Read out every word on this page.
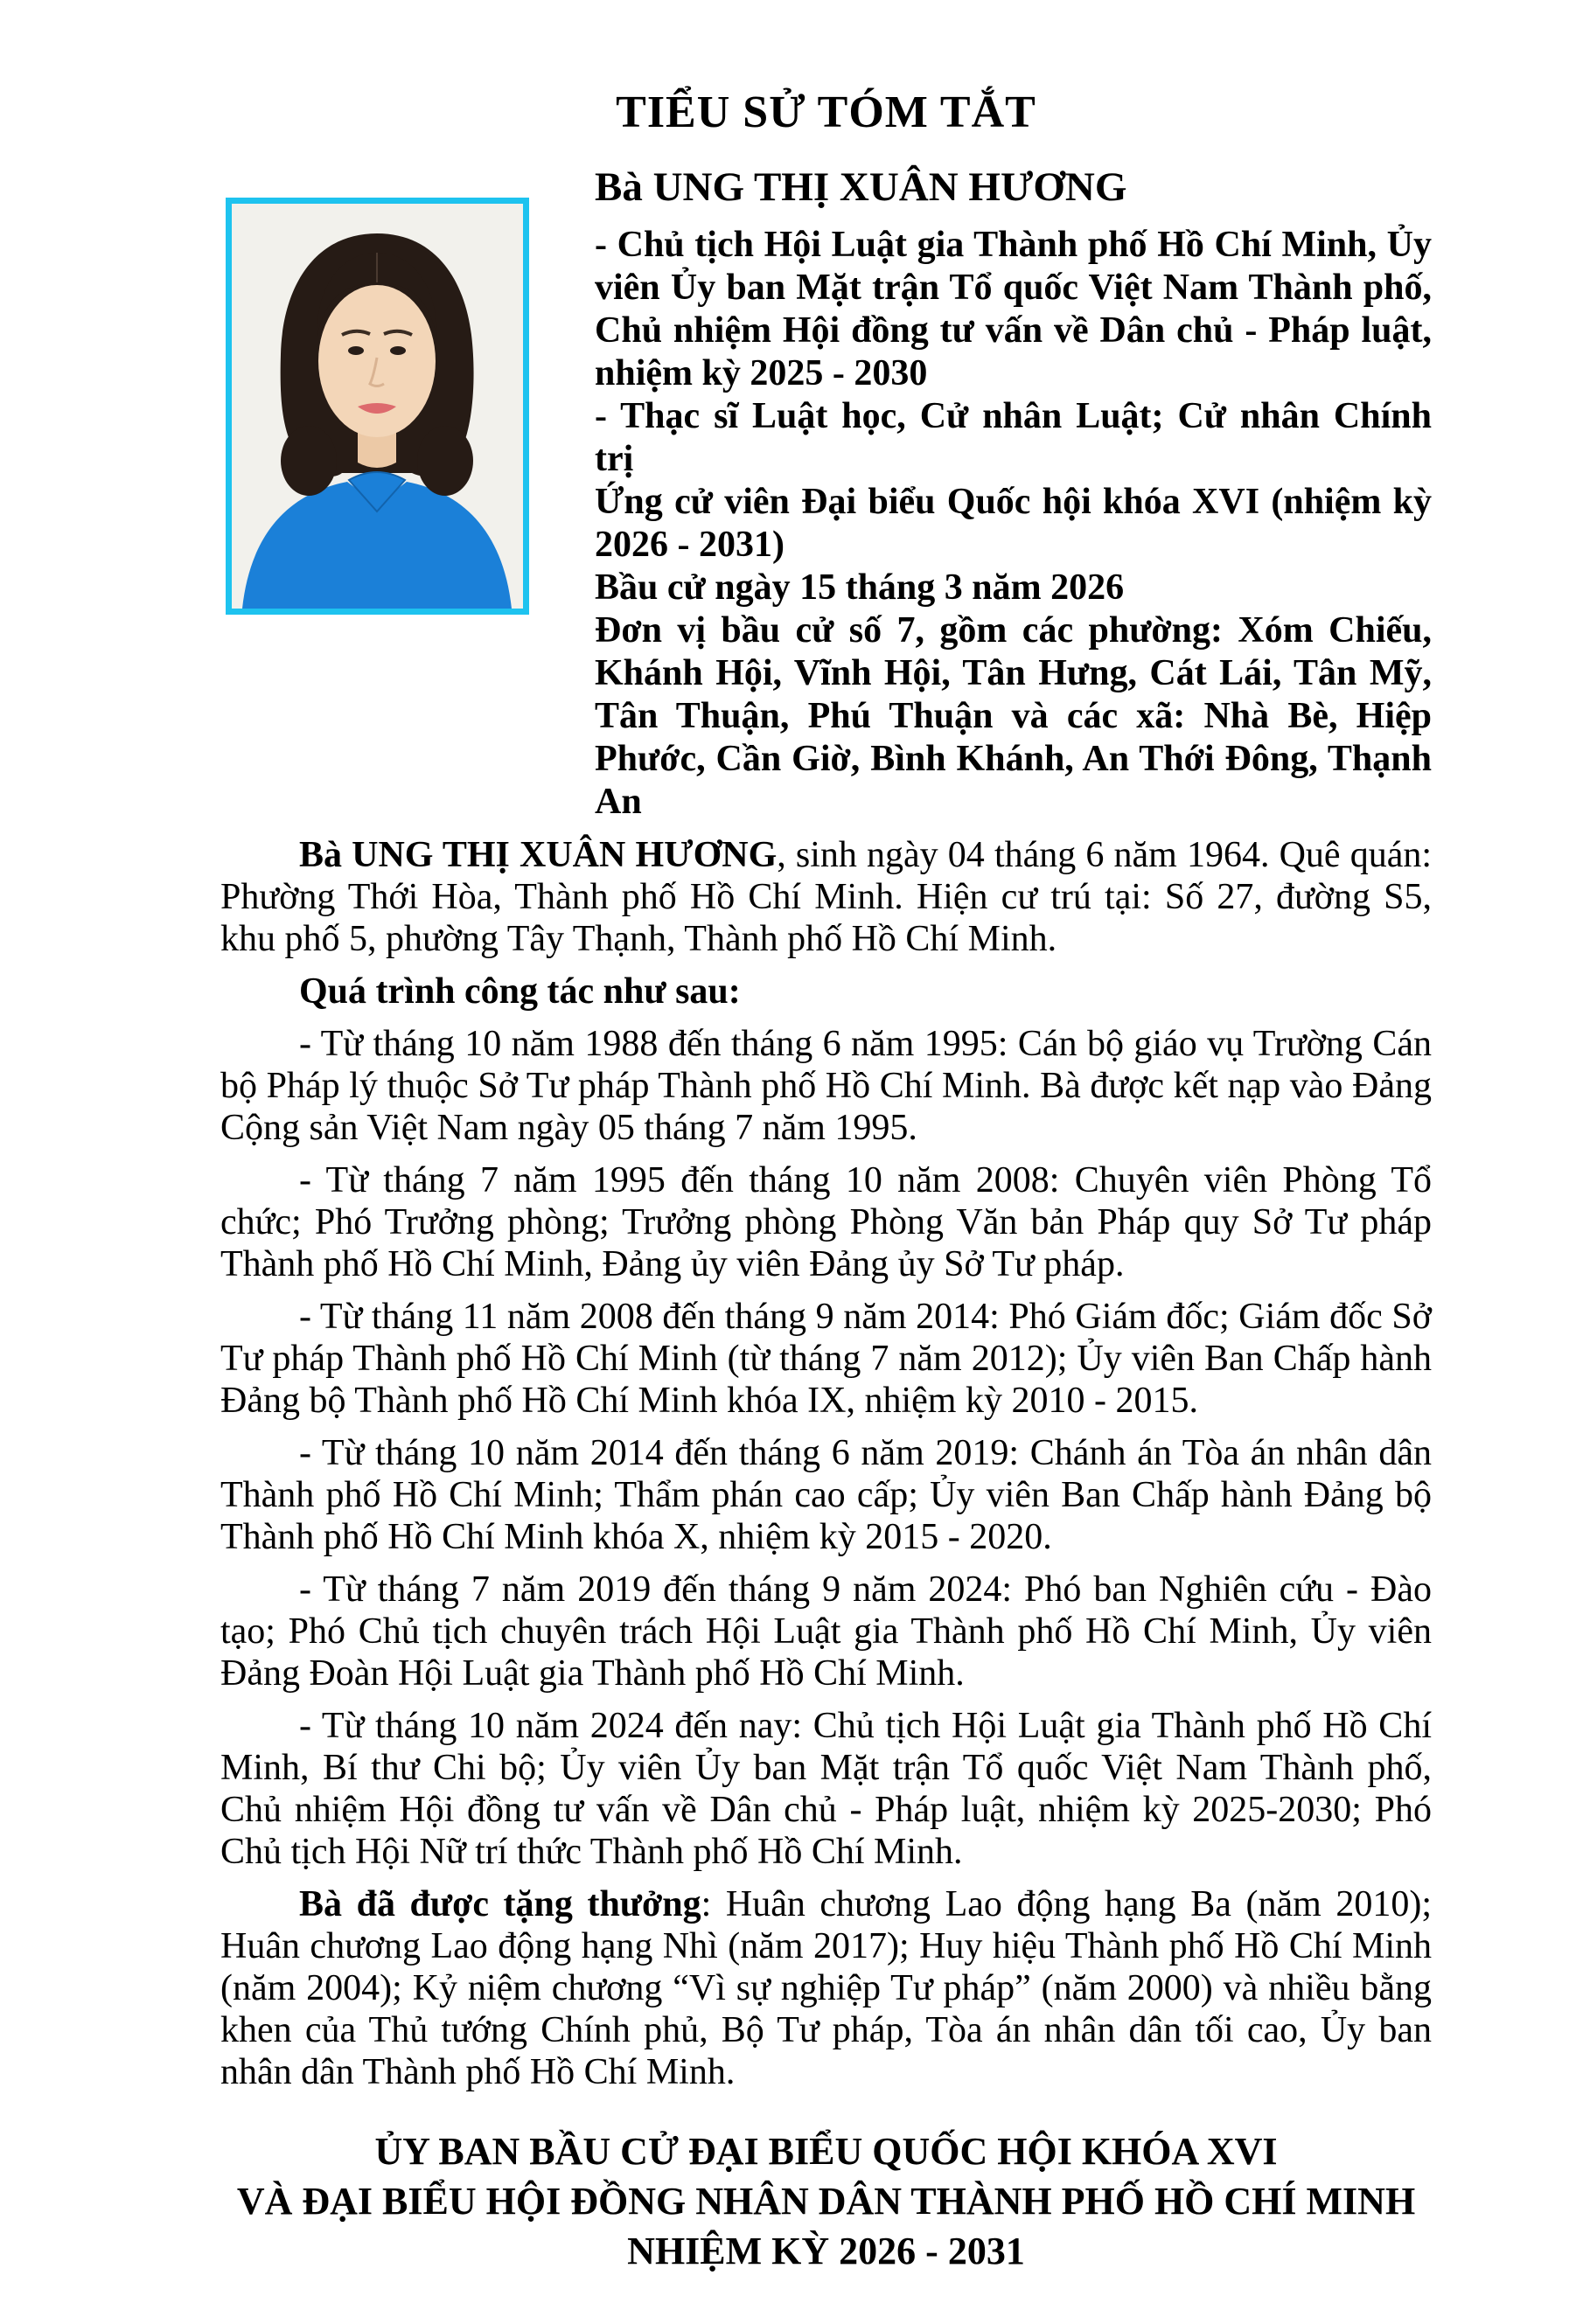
TIỂU SỬ TÓM TẮT
Bà UNG THỊ XUÂN HƯƠNG

- Chủ tịch Hội Luật gia Thành phố Hồ Chí Minh, Ủy viên Ủy ban Mặt trận Tổ quốc Việt Nam Thành phố, Chủ nhiệm Hội đồng tư vấn về Dân chủ - Pháp luật, nhiệm kỳ 2025 - 2030

- Thạc sĩ Luật học, Cử nhân Luật; Cử nhân Chính trị

Ứng cử viên Đại biểu Quốc hội khóa XVI (nhiệm kỳ 2026 - 2031)

Bầu cử ngày 15 tháng 3 năm 2026

Đơn vị bầu cử số 7, gồm các phường: Xóm Chiếu, Khánh Hội, Vĩnh Hội, Tân Hưng, Cát Lái, Tân Mỹ, Tân Thuận, Phú Thuận và các xã: Nhà Bè, Hiệp Phước, Cần Giờ, Bình Khánh, An Thới Đông, Thạnh An

Bà UNG THỊ XUÂN HƯƠNG, sinh ngày 04 tháng 6 năm 1964. Quê quán: Phường Thới Hòa, Thành phố Hồ Chí Minh. Hiện cư trú tại: Số 27, đường S5, khu phố 5, phường Tây Thạnh, Thành phố Hồ Chí Minh.

Quá trình công tác như sau:

- Từ tháng 10 năm 1988 đến tháng 6 năm 1995: Cán bộ giáo vụ Trường Cán bộ Pháp lý thuộc Sở Tư pháp Thành phố Hồ Chí Minh. Bà được kết nạp vào Đảng Cộng sản Việt Nam ngày 05 tháng 7 năm 1995.

- Từ tháng 7 năm 1995 đến tháng 10 năm 2008: Chuyên viên Phòng Tổ chức; Phó Trưởng phòng; Trưởng phòng Phòng Văn bản Pháp quy Sở Tư pháp Thành phố Hồ Chí Minh, Đảng ủy viên Đảng ủy Sở Tư pháp.

- Từ tháng 11 năm 2008 đến tháng 9 năm 2014: Phó Giám đốc; Giám đốc Sở Tư pháp Thành phố Hồ Chí Minh (từ tháng 7 năm 2012); Ủy viên Ban Chấp hành Đảng bộ Thành phố Hồ Chí Minh khóa IX, nhiệm kỳ 2010 - 2015.

- Từ tháng 10 năm 2014 đến tháng 6 năm 2019: Chánh án Tòa án nhân dân Thành phố Hồ Chí Minh; Thẩm phán cao cấp; Ủy viên Ban Chấp hành Đảng bộ Thành phố Hồ Chí Minh khóa X, nhiệm kỳ 2015 - 2020.

- Từ tháng 7 năm 2019 đến tháng 9 năm 2024: Phó ban Nghiên cứu - Đào tạo; Phó Chủ tịch chuyên trách Hội Luật gia Thành phố Hồ Chí Minh, Ủy viên Đảng Đoàn Hội Luật gia Thành phố Hồ Chí Minh.

- Từ tháng 10 năm 2024 đến nay: Chủ tịch Hội Luật gia Thành phố Hồ Chí Minh, Bí thư Chi bộ; Ủy viên Ủy ban Mặt trận Tổ quốc Việt Nam Thành phố, Chủ nhiệm Hội đồng tư vấn về Dân chủ - Pháp luật, nhiệm kỳ 2025-2030; Phó Chủ tịch Hội Nữ trí thức Thành phố Hồ Chí Minh.

Bà đã được tặng thưởng: Huân chương Lao động hạng Ba (năm 2010); Huân chương Lao động hạng Nhì (năm 2017); Huy hiệu Thành phố Hồ Chí Minh (năm 2004); Kỷ niệm chương “Vì sự nghiệp Tư pháp” (năm 2000) và nhiều bằng khen của Thủ tướng Chính phủ, Bộ Tư pháp, Tòa án nhân dân tối cao, Ủy ban nhân dân Thành phố Hồ Chí Minh.

ỦY BAN BẦU CỬ ĐẠI BIỂU QUỐC HỘI KHÓA XVI
VÀ ĐẠI BIỂU HỘI ĐỒNG NHÂN DÂN THÀNH PHỐ HỒ CHÍ MINH
NHIỆM KỲ 2026 - 2031
